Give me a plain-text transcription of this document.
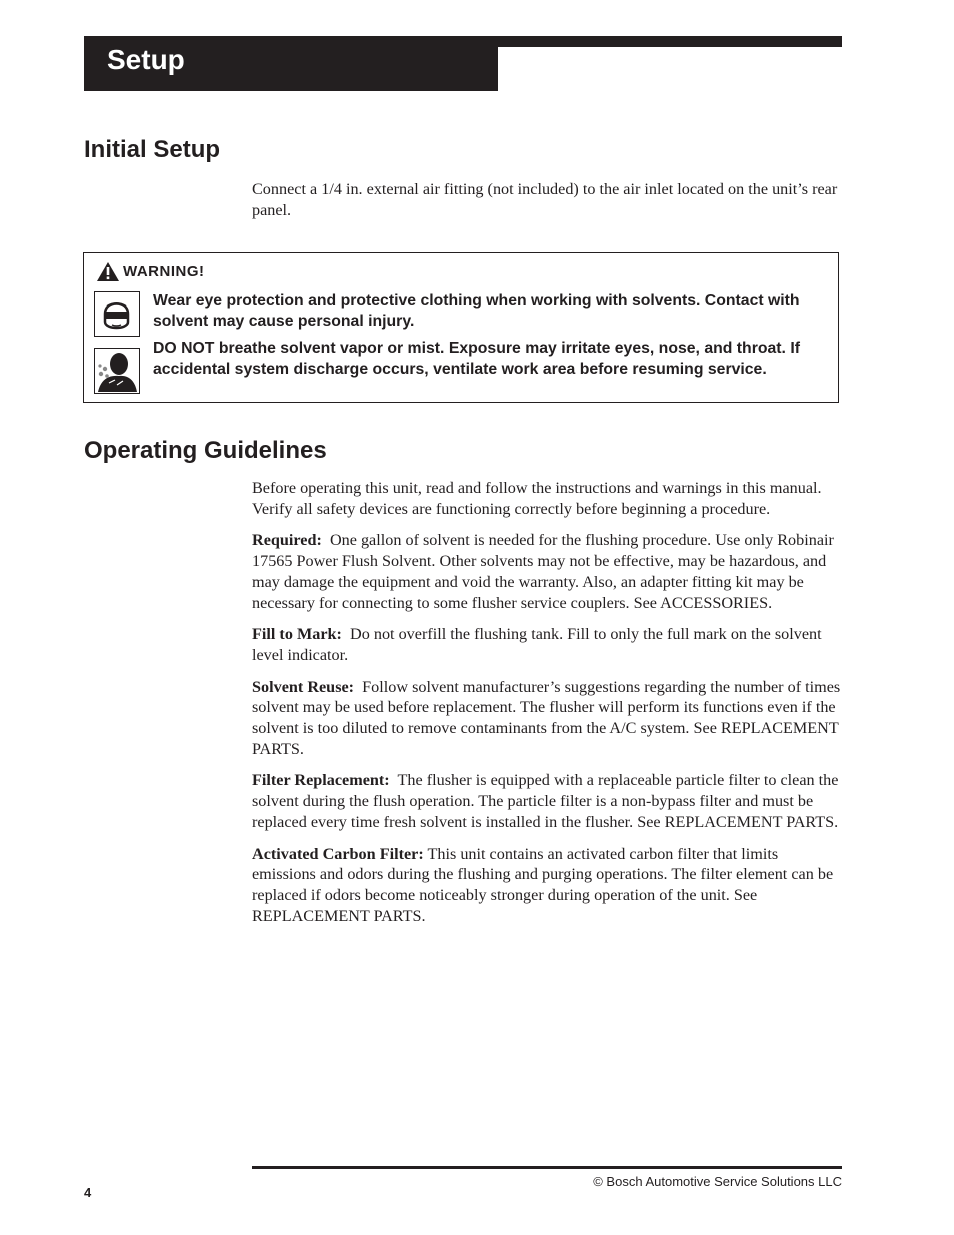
Setup
Initial Setup

Connect a 1/4 in. external air fitting (not included) to the air inlet located on the unit’s rear panel.

WARNING!
Wear eye protection and protective clothing when working with solvents. Contact with solvent may cause personal injury.
DO NOT breathe solvent vapor or mist. Exposure may irritate eyes, nose, and throat. If accidental system discharge occurs, ventilate work area before resuming service.
Operating Guidelines

Before operating this unit, read and follow the instructions and warnings in this manual. Verify all safety devices are functioning correctly before beginning a procedure.

Required: One gallon of solvent is needed for the flushing procedure. Use only Robinair 17565 Power Flush Solvent. Other solvents may not be effective, may be hazardous, and may damage the equipment and void the warranty. Also, an adapter fitting kit may be necessary for connecting to some flusher service couplers. See ACCESSORIES.

Fill to Mark: Do not overfill the flushing tank. Fill to only the full mark on the solvent level indicator.

Solvent Reuse: Follow solvent manufacturer’s suggestions regarding the number of times solvent may be used before replacement. The flusher will perform its functions even if the solvent is too diluted to remove contaminants from the A/C system. See REPLACEMENT PARTS.

Filter Replacement: The flusher is equipped with a replaceable particle filter to clean the solvent during the flush operation. The particle filter is a non-bypass filter and must be replaced every time fresh solvent is installed in the flusher. See REPLACEMENT PARTS.

Activated Carbon Filter: This unit contains an activated carbon filter that limits emissions and odors during the flushing and purging operations. The filter element can be replaced if odors become noticeably stronger during operation of the unit. See REPLACEMENT PARTS.

© Bosch Automotive Service Solutions LLC
4
